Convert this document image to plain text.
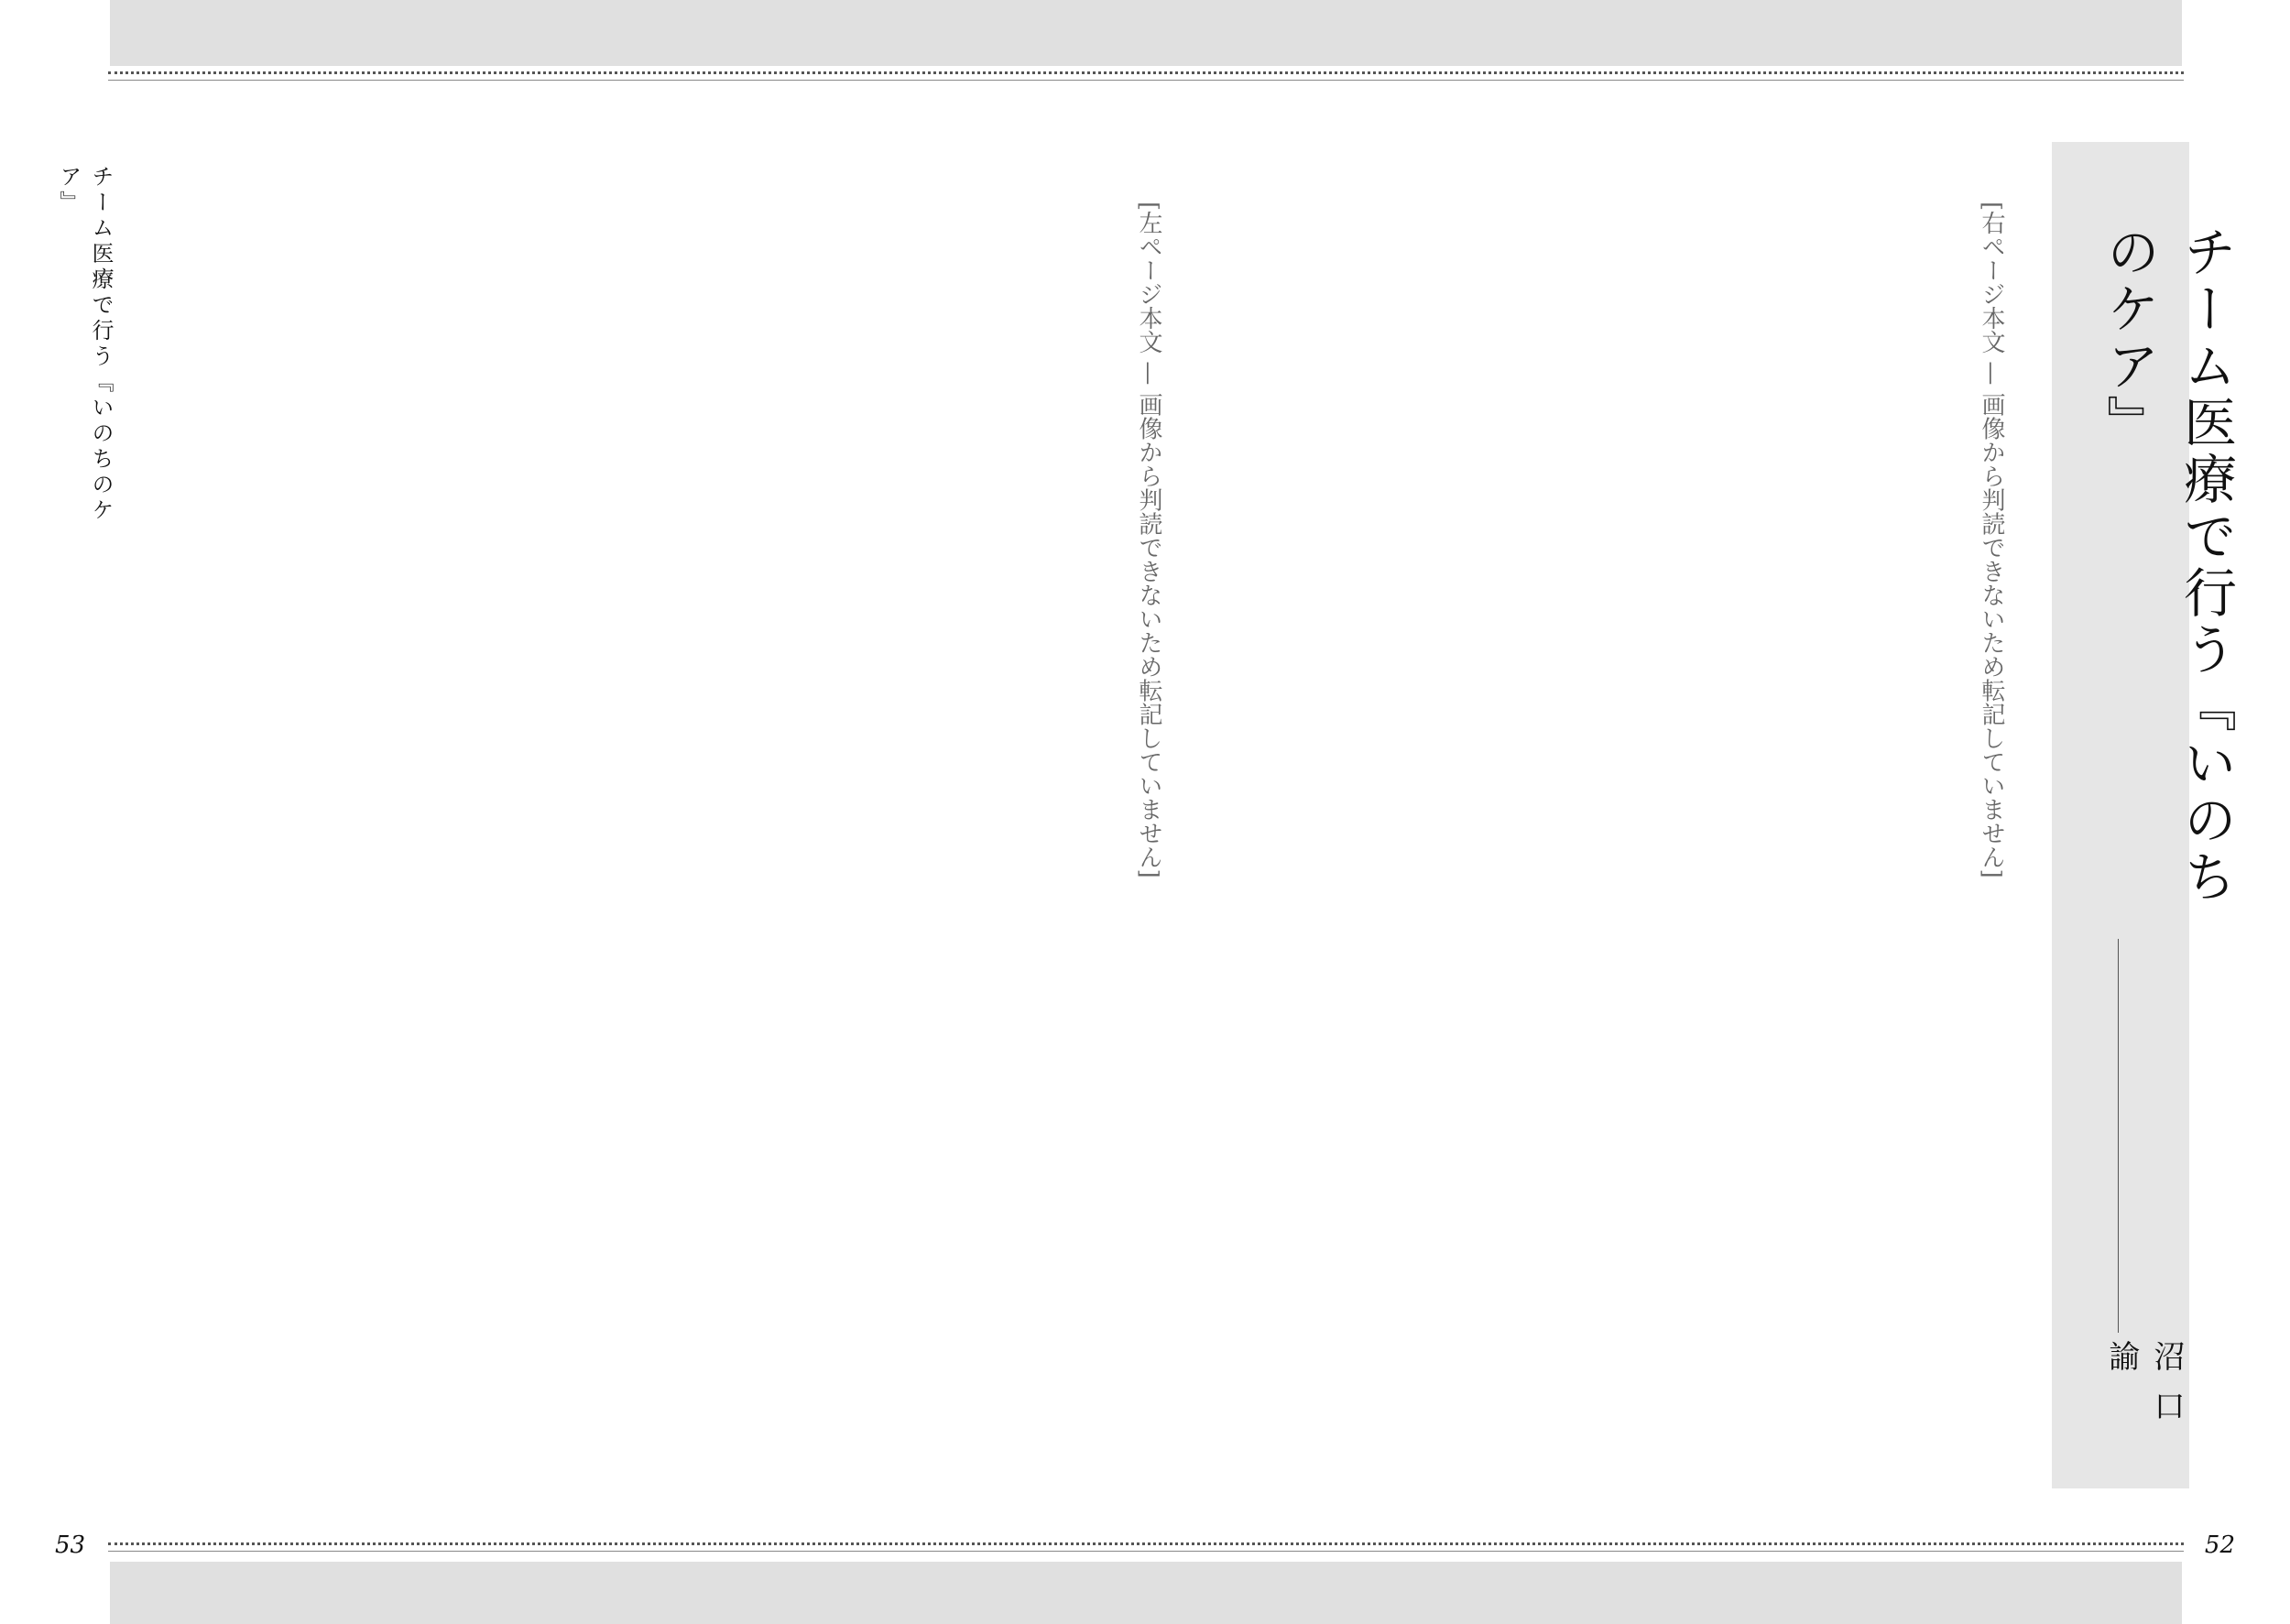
チーム医療で行う『いのちのケア』
[左ページ本文 — 画像から判読できないため転記していません]	[右ページ本文 — 画像から判読できないため転記していません]	チーム医療で行う『いのちのケア』
沼口 諭
53	52
